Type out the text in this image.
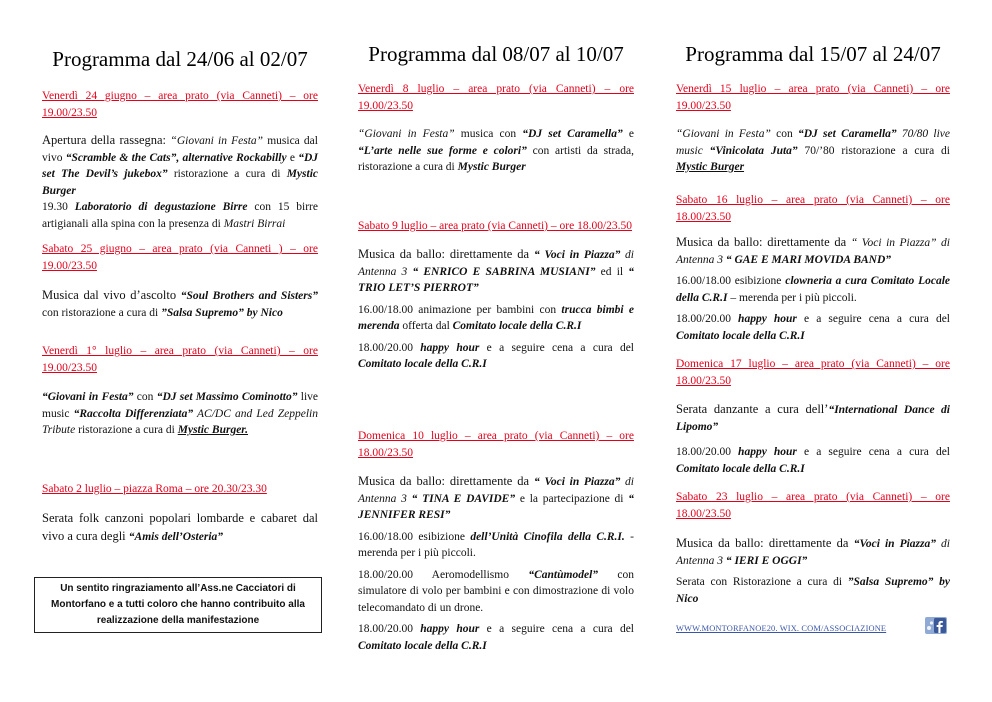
Programma dal 24/06 al 02/07

Venerdì 24 giugno – area prato (via Canneti) – ore 19.00/23.50

Apertura della rassegna: “Giovani in Festa” musica dal vivo “Scramble & the Cats”, alternative Rockabilly e “DJ set The Devil’s jukebox” ristorazione a cura di Mystic Burger

19.30 Laboratorio di degustazione Birre con 15 birre artigianali alla spina con la presenza di Mastri Birrai

Sabato 25 giugno – area prato (via Canneti ) – ore 19.00/23.50

Musica dal vivo d’ascolto “Soul Brothers and Sisters” con ristorazione a cura di ”Salsa Supremo” by Nico

Venerdì 1° luglio – area prato (via Canneti) – ore 19.00/23.50

“Giovani in Festa” con “DJ set Massimo Cominotto” live music “Raccolta Differenziata” AC/DC and Led Zeppelin Tribute ristorazione a cura di Mystic Burger.

Sabato 2 luglio – piazza Roma – ore 20.30/23.30

Serata folk canzoni popolari lombarde e cabaret dal vivo a cura degli “Amis dell’Osteria”

Un sentito ringraziamento all’Ass.ne Cacciatori di Montorfano e a tutti coloro che hanno contribuito alla realizzazione della manifestazione
Programma dal 08/07 al 10/07

Venerdì 8 luglio – area prato (via Canneti) – ore 19.00/23.50

“Giovani in Festa” musica con “DJ set Caramella” e “L’arte nelle sue forme e colori” con artisti da strada, ristorazione a cura di Mystic Burger

Sabato 9 luglio – area prato (via Canneti) – ore 18.00/23.50

Musica da ballo: direttamente da “ Voci in Piazza” di Antenna 3 “ ENRICO E SABRINA MUSIANI” ed il “ TRIO LET’S PIERROT”

16.00/18.00 animazione per bambini con trucca bimbi e merenda offerta dal Comitato locale della C.R.I

18.00/20.00 happy hour e a seguire cena a cura del Comitato locale della C.R.I

Domenica 10 luglio – area prato (via Canneti) – ore 18.00/23.50

Musica da ballo: direttamente da “ Voci in Piazza” di Antenna 3 “ TINA E DAVIDE” e la partecipazione di “ JENNIFER RESI”

16.00/18.00 esibizione dell’Unità Cinofila della C.R.I. - merenda per i più piccoli.

18.00/20.00 Aeromodellismo “Cantùmodel” con simulatore di volo per bambini e con dimostrazione di volo telecomandato di un drone.

18.00/20.00 happy hour e a seguire cena a cura del Comitato locale della C.R.I

Programma dal 15/07 al 24/07

Venerdì 15 luglio – area prato (via Canneti) – ore 19.00/23.50

“Giovani in Festa” con “DJ set Caramella” 70/80 live music “Vinicolata Juta” 70/’80 ristorazione a cura di Mystic Burger

Sabato 16 luglio – area prato (via Canneti) – ore 18.00/23.50

Musica da ballo: direttamente da “ Voci in Piazza” di Antenna 3 “ GAE E MARI MOVIDA BAND”

16.00/18.00 esibizione clowneria a cura Comitato Locale della C.R.I – merenda per i più piccoli.

18.00/20.00 happy hour e a seguire cena a cura del Comitato locale della C.R.I

Domenica 17 luglio – area prato (via Canneti) – ore 18.00/23.50

Serata danzante a cura dell’“International Dance di Lipomo”

18.00/20.00 happy hour e a seguire cena a cura del Comitato locale della C.R.I

Sabato 23 luglio – area prato (via Canneti) – ore 18.00/23.50

Musica da ballo: direttamente da “Voci in Piazza” di Antenna 3 “ IERI E OGGI”

Serata con Ristorazione a cura di ”Salsa Supremo” by Nico

WWW.MONTORFANOE20. WIX. COM/ASSOCIAZIONE
